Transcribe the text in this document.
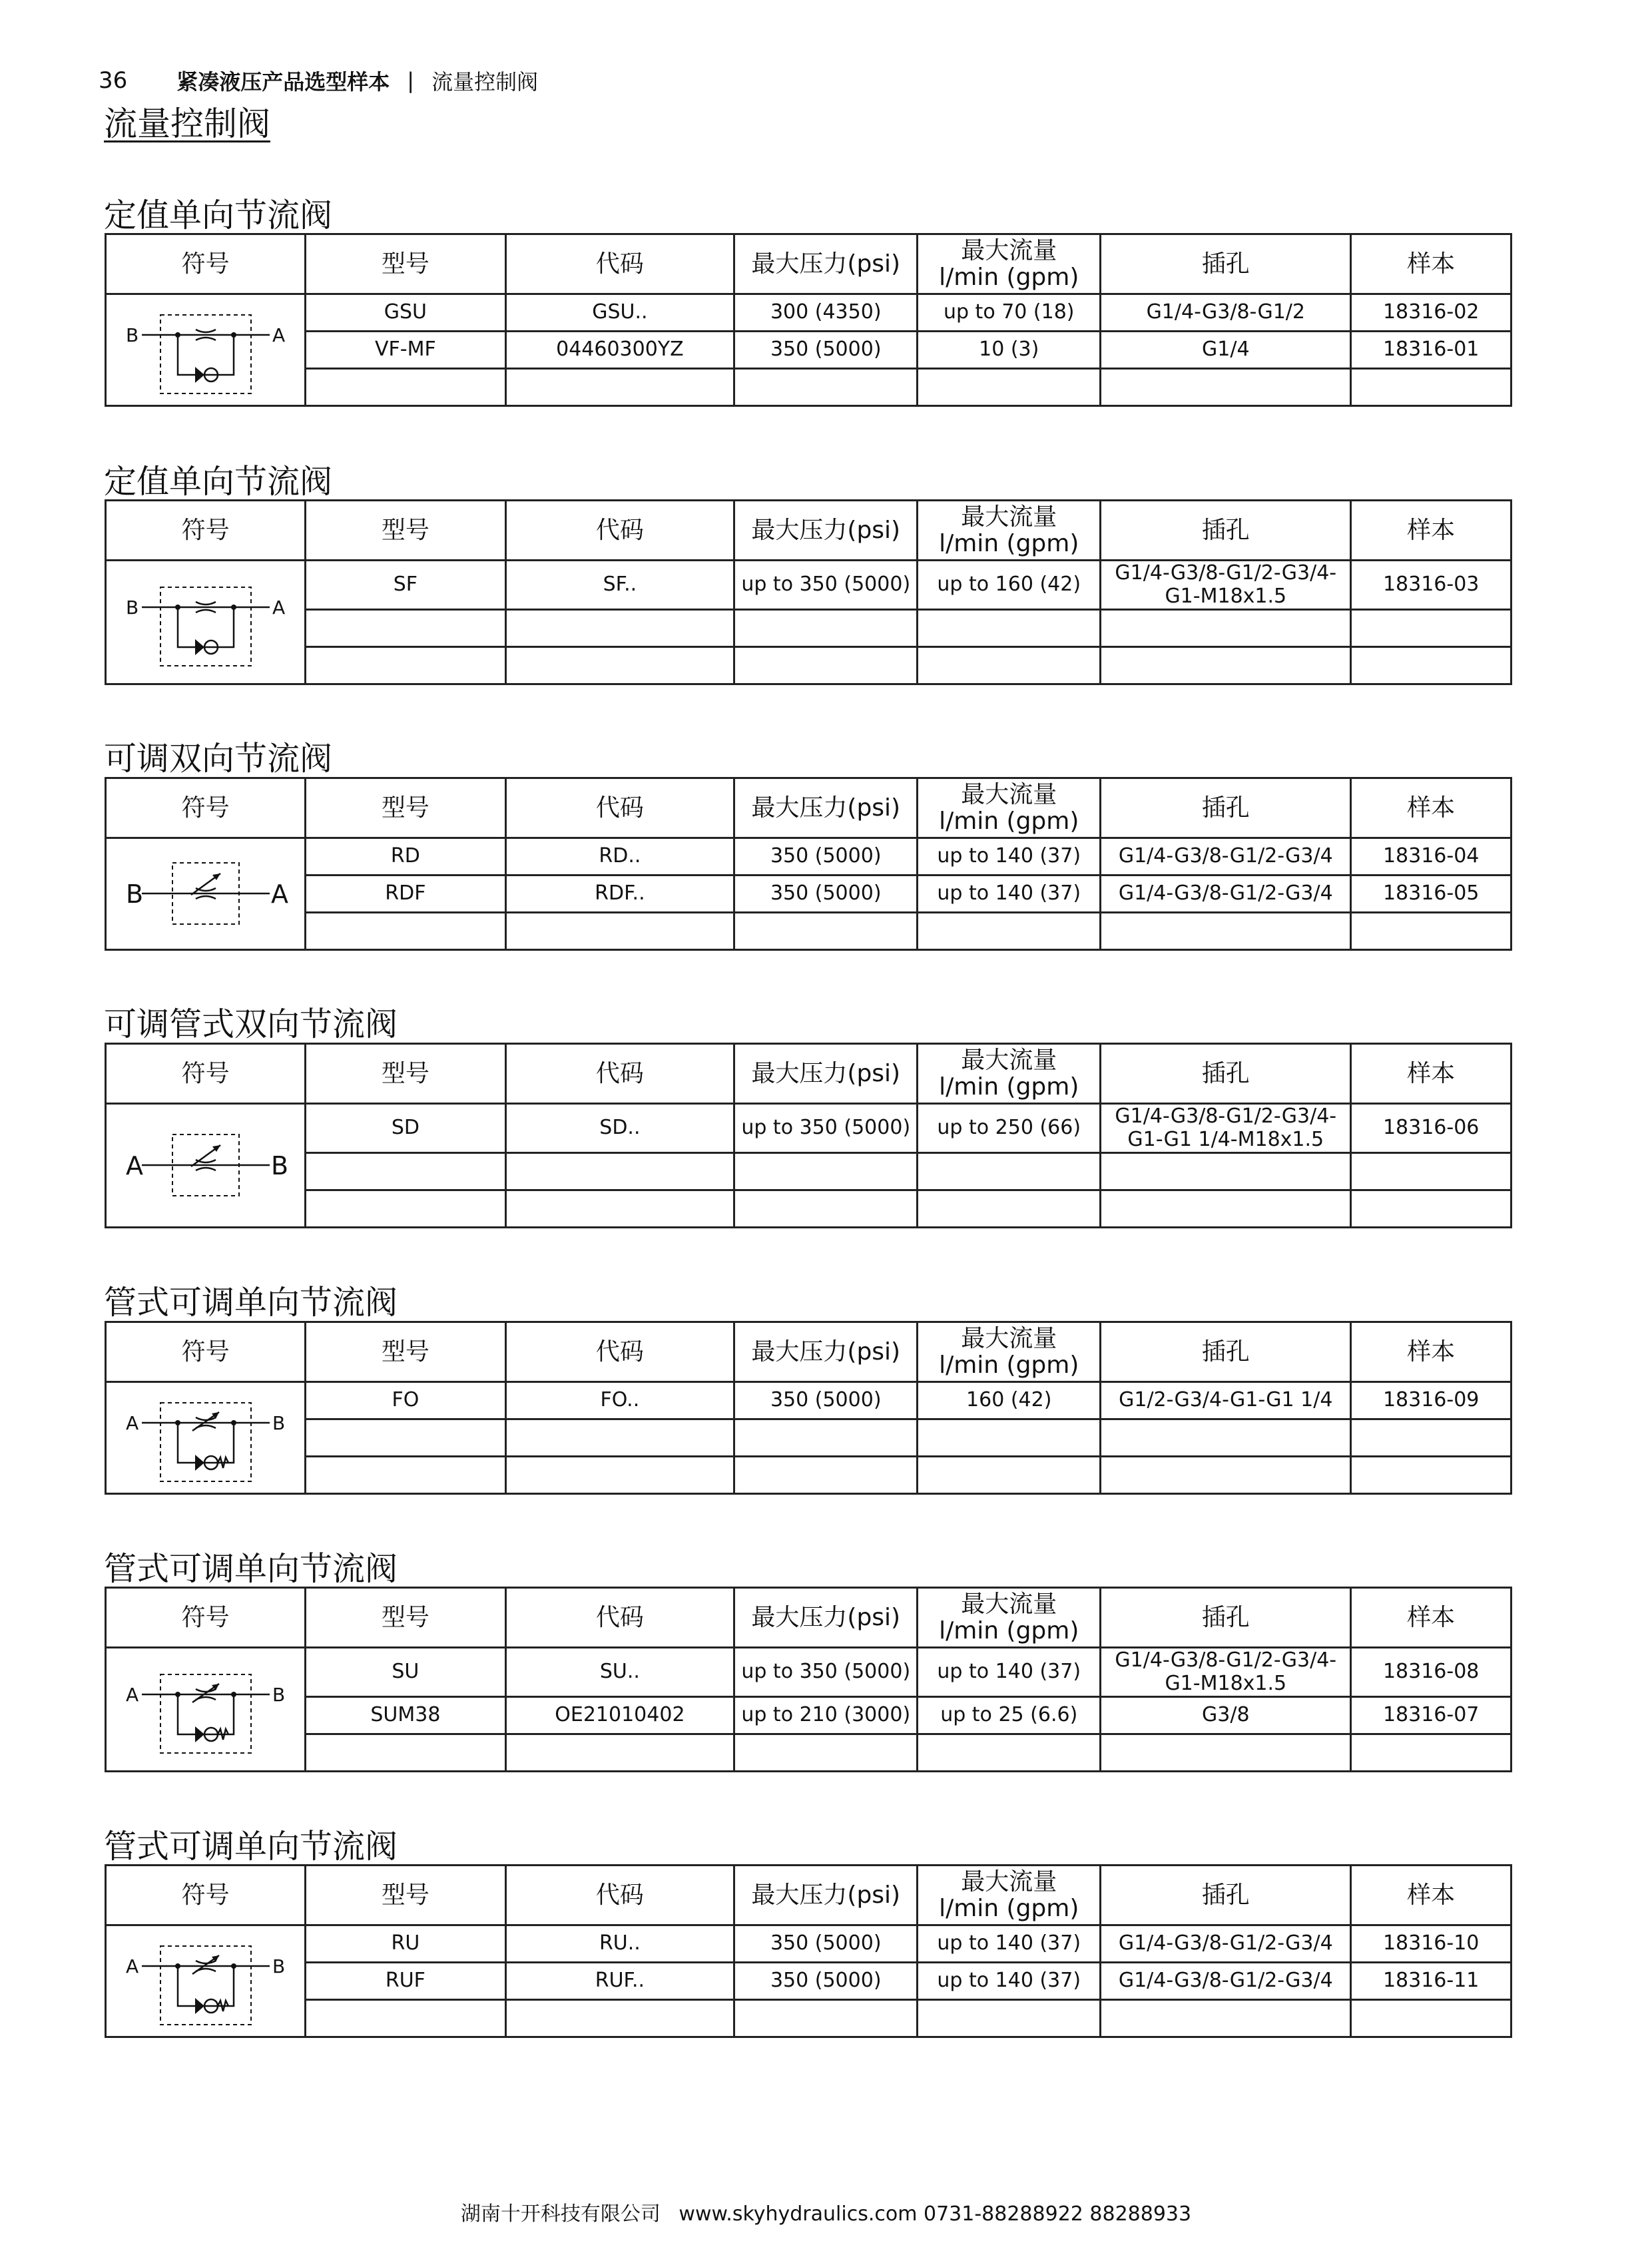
36 紧凑液压产品选型样本 | 流量控制阀
流量控制阀
定值单向节流阀
符号	型号	代码	最大压力(psi)	最大流量
l/min (gpm)	插孔	样本

B A	GSU	GSU..	300 (4350)	up to 70 (18)	G1/4-G3/8-G1/2	18316-02
	VF-MF	04460300YZ	350 (5000)	10 (3)	G1/4	18316-01

定值单向节流阀
符号	型号	代码	最大压力(psi)	最大流量
l/min (gpm)	插孔	样本

B A	SF	SF..	up to 350 (5000)	up to 160 (42)	G1/4-G3/8-G1/2-G3/4-G1-M18x1.5	18316-03

可调双向节流阀
符号	型号	代码	最大压力(psi)	最大流量
l/min (gpm)	插孔	样本

B A	RD	RD..	350 (5000)	up to 140 (37)	G1/4-G3/8-G1/2-G3/4	18316-04
	RDF	RDF..	350 (5000)	up to 140 (37)	G1/4-G3/8-G1/2-G3/4	18316-05

可调管式双向节流阀
符号	型号	代码	最大压力(psi)	最大流量
l/min (gpm)	插孔	样本

A B	SD	SD..	up to 350 (5000)	up to 250 (66)	G1/4-G3/8-G1/2-G3/4-G1-G1 1/4-M18x1.5	18316-06

管式可调单向节流阀
符号	型号	代码	最大压力(psi)	最大流量
l/min (gpm)	插孔	样本

A B	FO	FO..	350 (5000)	160 (42)	G1/2-G3/4-G1-G1 1/4	18316-09

管式可调单向节流阀
符号	型号	代码	最大压力(psi)	最大流量
l/min (gpm)	插孔	样本

A B	SU	SU..	up to 350 (5000)	up to 140 (37)	G1/4-G3/8-G1/2-G3/4-G1-M18x1.5	18316-08
	SUM38	OE21010402	up to 210 (3000)	up to 25 (6.6)	G3/8	18316-07

管式可调单向节流阀
符号	型号	代码	最大压力(psi)	最大流量
l/min (gpm)	插孔	样本

A B	RU	RU..	350 (5000)	up to 140 (37)	G1/4-G3/8-G1/2-G3/4	18316-10
	RUF	RUF..	350 (5000)	up to 140 (37)	G1/4-G3/8-G1/2-G3/4	18316-11

湖南十开科技有限公司 www.skyhydraulics.com 0731-88288922 88288933
